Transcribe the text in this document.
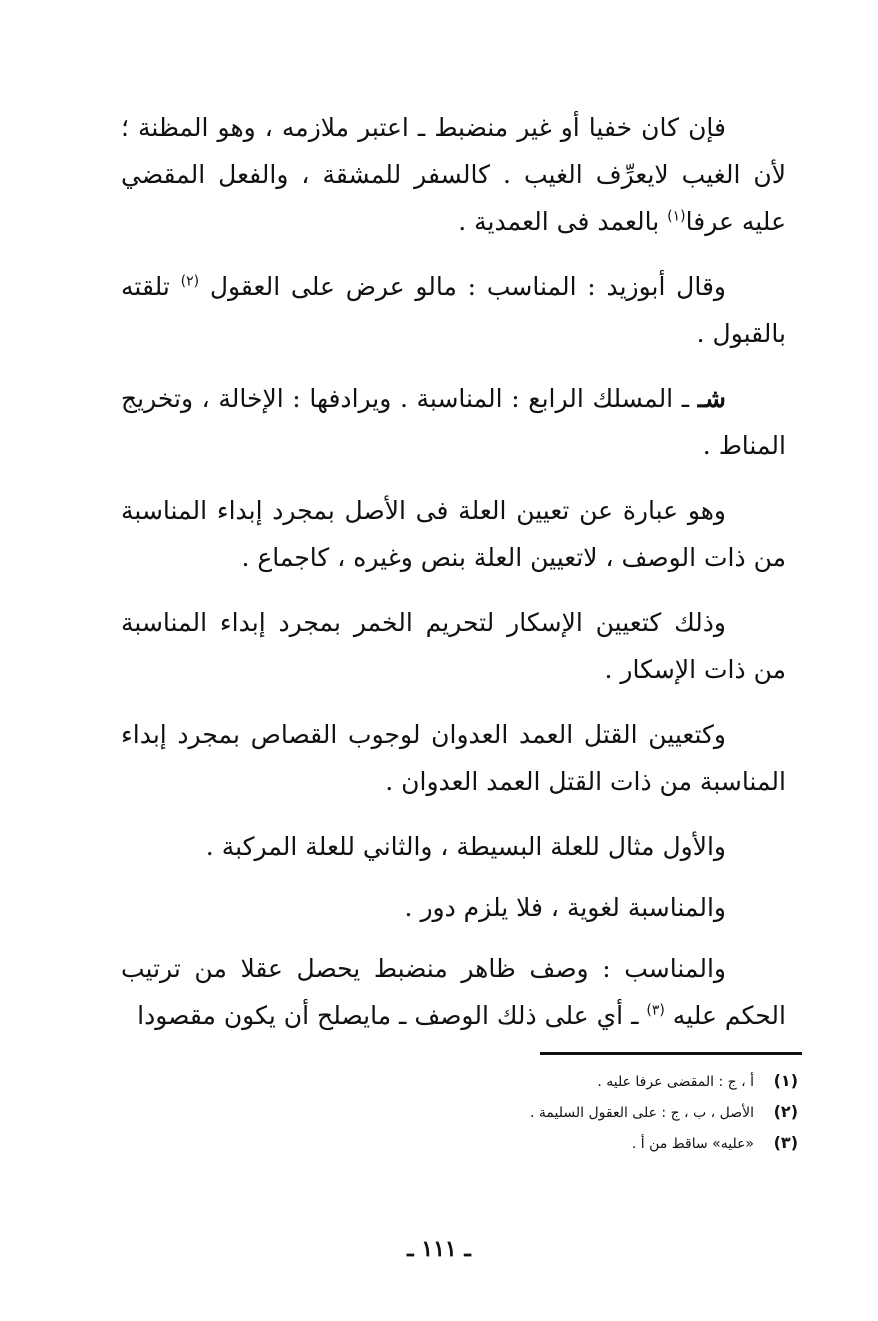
فإن كان خفيا أو غير منضبط ـ اعتبر ملازمه ، وهو المظنة ؛ لأن الغيب لايعرِّف الغيب . كالسفر للمشقة ، والفعل المقضي عليه عرفا$^{(١)}$ بالعمد فى العمدية .

وقال أبوزيد : المناسب : مالو عرض على العقول $^{(٢)}$ تلقته بالقبول .

شـ ـ المسلك الرابع : المناسبة . ويرادفها : الإخالة ، وتخريج المناط .

وهو عبارة عن تعيين العلة فى الأصل بمجرد إبداء المناسبة من ذات الوصف ، لاتعيين العلة بنص وغيره ، كاجماع .

وذلك كتعيين الإسكار لتحريم الخمر بمجرد إبداء المناسبة من ذات الإسكار .

وكتعيين القتل العمد العدوان لوجوب القصاص بمجرد إبداء المناسبة من ذات القتل العمد العدوان .

والأول مثال للعلة البسيطة ، والثاني للعلة المركبة .

والمناسبة لغوية ، فلا يلزم دور .

والمناسب : وصف ظاهر منضبط يحصل عقلا من ترتيب الحكم عليه $^{(٣)}$ ـ أي على ذلك الوصف ـ مايصلح أن يكون مقصودا

(١)
أ ، ج : المقضى عرفا عليه .
(٢)
الأصل ، ب ، ج : على العقول السليمة .
(٣)
«عليه» ساقط من أ .
ـ ١١١ ـ
